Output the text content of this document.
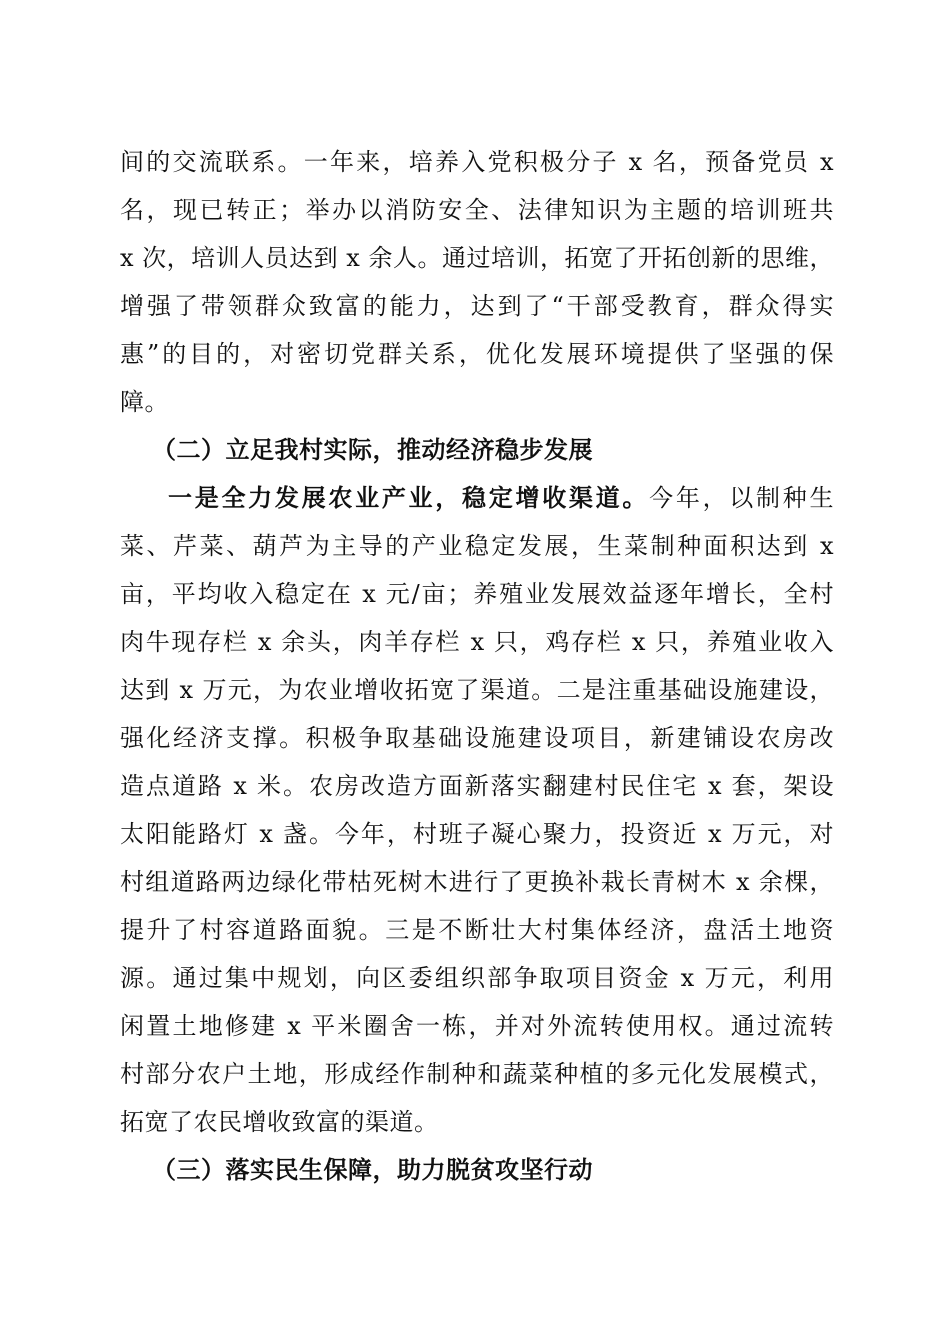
间的交流联系。一年来，培养入党积极分子 x 名，预备党员 x
名，现已转正；举办以消防安全、法律知识为主题的培训班共
x 次，培训人员达到 x 余人。通过培训，拓宽了开拓创新的思维，
增强了带领群众致富的能力，达到了“干部受教育，群众得实
惠”的目的，对密切党群关系，优化发展环境提供了坚强的保
障。
（二）立足我村实际，推动经济稳步发展
一是全力发展农业产业，稳定增收渠道。今年，以制种生
菜、芹菜、葫芦为主导的产业稳定发展，生菜制种面积达到 x
亩，平均收入稳定在 x 元/亩；养殖业发展效益逐年增长，全村
肉牛现存栏 x 余头，肉羊存栏 x 只，鸡存栏 x 只，养殖业收入
达到 x 万元，为农业增收拓宽了渠道。二是注重基础设施建设，
强化经济支撑。积极争取基础设施建设项目，新建铺设农房改
造点道路 x 米。农房改造方面新落实翻建村民住宅 x 套，架设
太阳能路灯 x 盏。今年，村班子凝心聚力，投资近 x 万元，对
村组道路两边绿化带枯死树木进行了更换补栽长青树木 x 余棵，
提升了村容道路面貌。三是不断壮大村集体经济，盘活土地资
源。通过集中规划，向区委组织部争取项目资金 x 万元，利用
闲置土地修建 x 平米圈舍一栋，并对外流转使用权。通过流转
村部分农户土地，形成经作制种和蔬菜种植的多元化发展模式，
拓宽了农民增收致富的渠道。
（三）落实民生保障，助力脱贫攻坚行动
